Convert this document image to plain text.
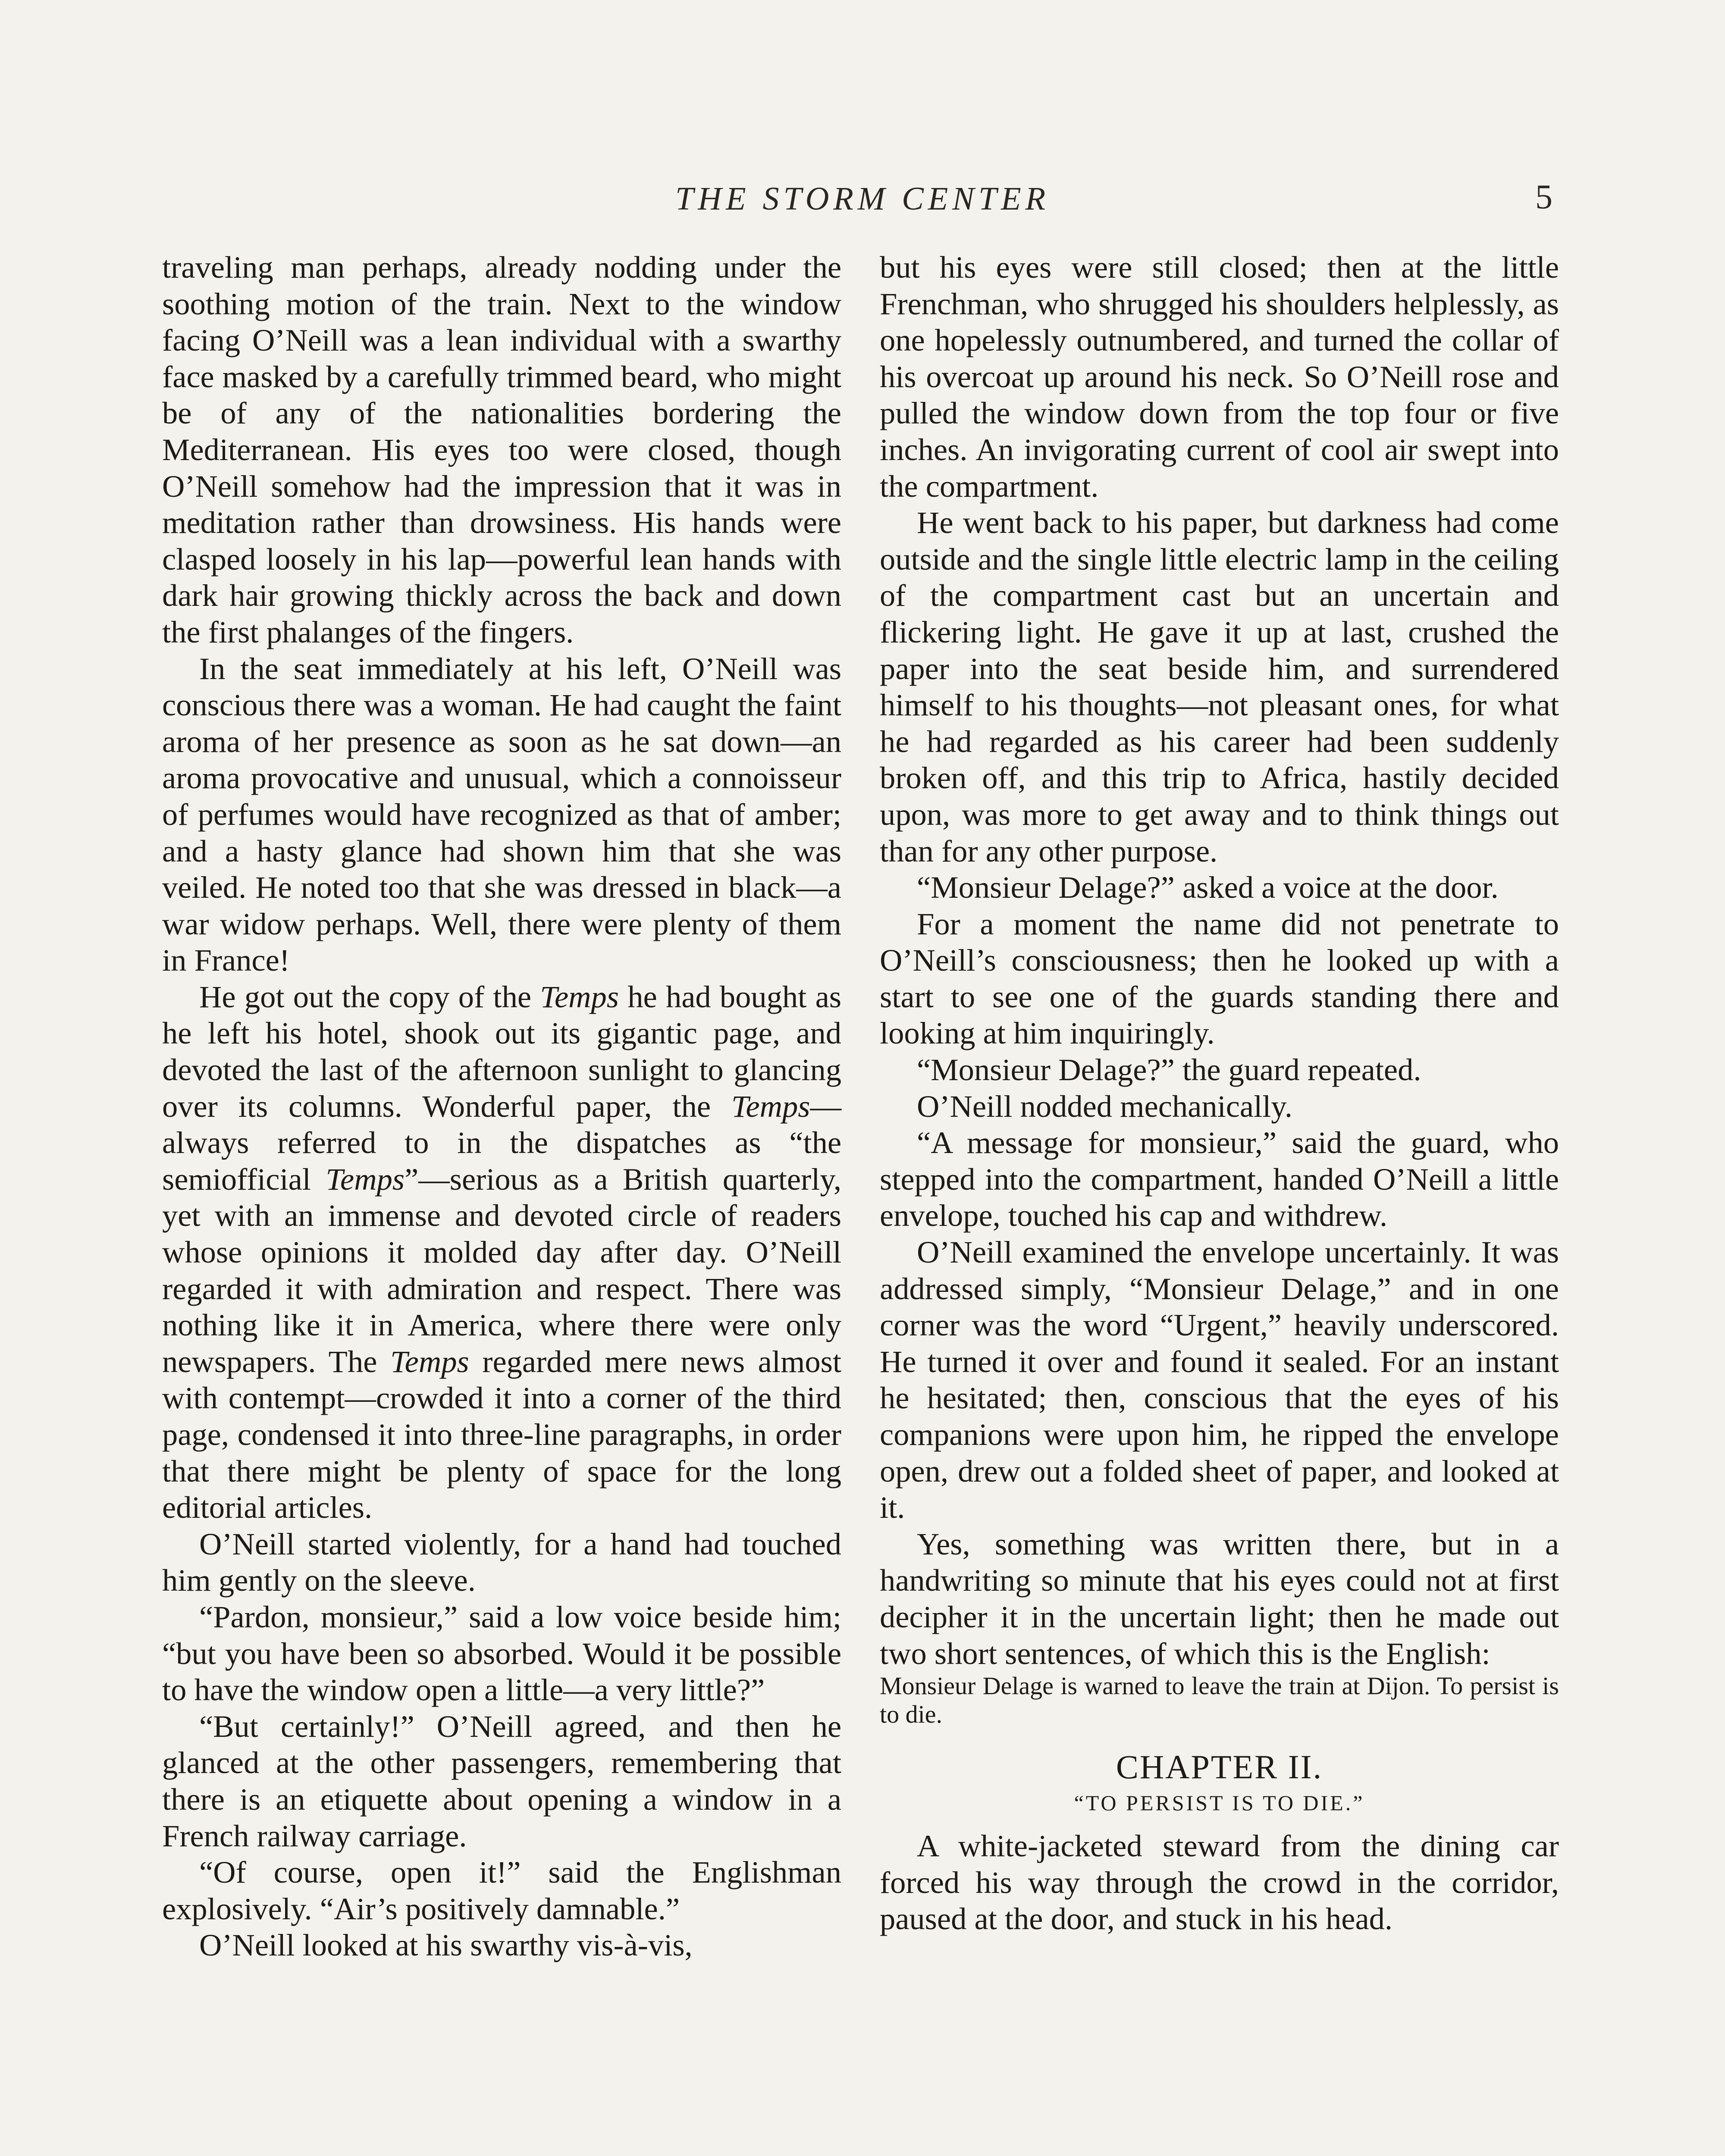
THE STORM CENTER	5

traveling man perhaps, already nodding under the soothing motion of the train. Next to the window facing O’Neill was a lean individual with a swarthy face masked by a carefully trimmed beard, who might be of any of the nationalities bordering the Mediterranean. His eyes too were closed, though O’Neill somehow had the impression that it was in meditation rather than drowsiness. His hands were clasped loosely in his lap—powerful lean hands with dark hair growing thickly across the back and down the first phalanges of the fingers.

In the seat immediately at his left, O’Neill was conscious there was a woman. He had caught the faint aroma of her presence as soon as he sat down—an aroma provocative and unusual, which a connoisseur of perfumes would have recognized as that of amber; and a hasty glance had shown him that she was veiled. He noted too that she was dressed in black—a war widow perhaps. Well, there were plenty of them in France!

He got out the copy of the Temps he had bought as he left his hotel, shook out its gigantic page, and devoted the last of the afternoon sunlight to glancing over its columns. Wonderful paper, the Temps—always referred to in the dispatches as “the semiofficial Temps”—serious as a British quarterly, yet with an immense and devoted circle of readers whose opinions it molded day after day. O’Neill regarded it with admiration and respect. There was nothing like it in America, where there were only newspapers. The Temps regarded mere news almost with contempt—crowded it into a corner of the third page, condensed it into three-line paragraphs, in order that there might be plenty of space for the long editorial articles.

O’Neill started violently, for a hand had touched him gently on the sleeve.

“Pardon, monsieur,” said a low voice beside him; “but you have been so absorbed. Would it be possible to have the window open a little—a very little?”

“But certainly!” O’Neill agreed, and then he glanced at the other passengers, remembering that there is an etiquette about opening a window in a French railway carriage.

“Of course, open it!” said the Englishman explosively. “Air’s positively damnable.”

O’Neill looked at his swarthy vis-à-vis,

but his eyes were still closed; then at the little Frenchman, who shrugged his shoulders helplessly, as one hopelessly outnumbered, and turned the collar of his overcoat up around his neck. So O’Neill rose and pulled the window down from the top four or five inches. An invigorating current of cool air swept into the compartment.

He went back to his paper, but darkness had come outside and the single little electric lamp in the ceiling of the compartment cast but an uncertain and flickering light. He gave it up at last, crushed the paper into the seat beside him, and surrendered himself to his thoughts—not pleasant ones, for what he had regarded as his career had been suddenly broken off, and this trip to Africa, hastily decided upon, was more to get away and to think things out than for any other purpose.

“Monsieur Delage?” asked a voice at the door.

For a moment the name did not penetrate to O’Neill’s consciousness; then he looked up with a start to see one of the guards standing there and looking at him inquiringly.

“Monsieur Delage?” the guard repeated.

O’Neill nodded mechanically.

“A message for monsieur,” said the guard, who stepped into the compartment, handed O’Neill a little envelope, touched his cap and withdrew.

O’Neill examined the envelope uncertainly. It was addressed simply, “Monsieur Delage,” and in one corner was the word “Urgent,” heavily underscored. He turned it over and found it sealed. For an instant he hesitated; then, conscious that the eyes of his companions were upon him, he ripped the envelope open, drew out a folded sheet of paper, and looked at it.

Yes, something was written there, but in a handwriting so minute that his eyes could not at first decipher it in the uncertain light; then he made out two short sentences, of which this is the English:

Monsieur Delage is warned to leave the train at Dijon. To persist is to die.

CHAPTER II.
“TO PERSIST IS TO DIE.”

A white-jacketed steward from the dining car forced his way through the crowd in the corridor, paused at the door, and stuck in his head.
